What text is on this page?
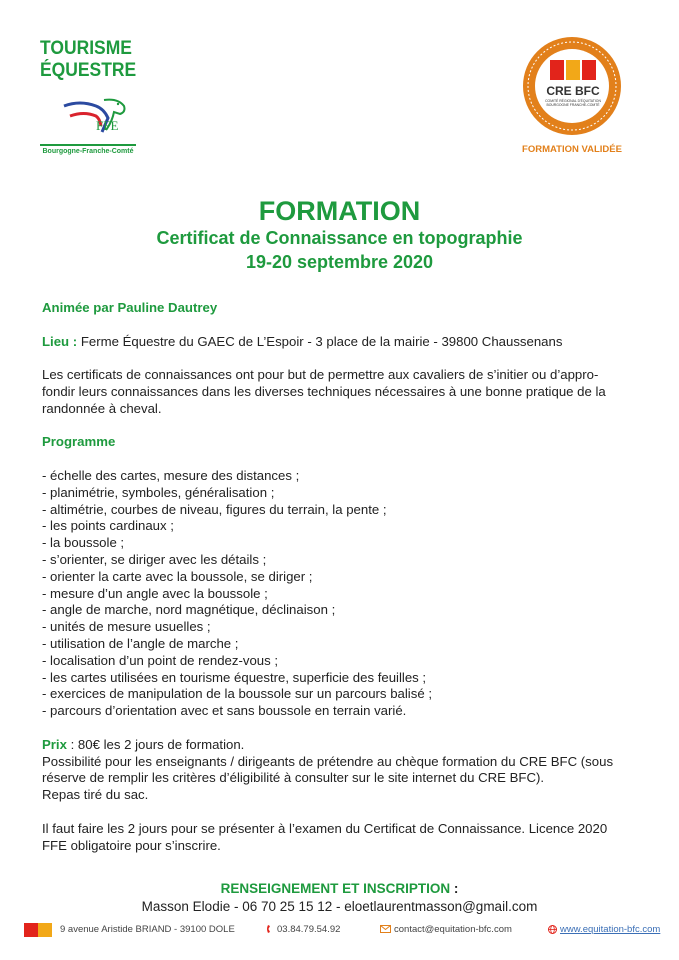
TOURISME
ÉQUESTRE
FFE
Bourgogne-Franche-Comté
CRE BFC
COMITÉ RÉGIONAL D'ÉQUITATION
BOURGOGNE FRANCHE-COMTÉ
FORMATION VALIDÉE
FORMATION
Certificat de Connaissance en topographie
19-20 septembre 2020

Animée par Pauline Dautrey

Lieu : Ferme Équestre du GAEC de L’Espoir - 3 place de la mairie - 39800 Chaussenans

Les certificats de connaissances ont pour but de permettre aux cavaliers de s’initier ou d’appro-

fondir leurs connaissances dans les diverses techniques nécessaires à une bonne pratique de la

randonnée à cheval.

Programme

- échelle des cartes, mesure des distances ;
- planimétrie, symboles, généralisation ;
- altimétrie, courbes de niveau, figures du terrain, la pente ;
- les points cardinaux ;
- la boussole ;
- s’orienter, se diriger avec les détails ;
- orienter la carte avec la boussole, se diriger ;
- mesure d’un angle avec la boussole ;
- angle de marche, nord magnétique, déclinaison ;
- unités de mesure usuelles ;
- utilisation de l’angle de marche ;
- localisation d’un point de rendez-vous ;
- les cartes utilisées en tourisme équestre, superficie des feuilles ;
- exercices de manipulation de la boussole sur un parcours balisé ;
- parcours d’orientation avec et sans boussole en terrain varié.

Prix : 80€ les 2 jours de formation.

Possibilité pour les enseignants / dirigeants de prétendre au chèque formation du CRE BFC (sous

réserve de remplir les critères d’éligibilité à consulter sur le site internet du CRE BFC).

Repas tiré du sac.

Il faut faire les 2 jours pour se présenter à l’examen du Certificat de Connaissance. Licence 2020

FFE obligatoire pour s’inscrire.

RENSEIGNEMENT ET INSCRIPTION :
Masson Elodie - 06 70 25 15 12 - eloetlaurentmasson@gmail.com
9 avenue Aristide BRIAND - 39100 DOLE	03.84.79.54.92	contact@equitation-bfc.com	www.equitation-bfc.com
